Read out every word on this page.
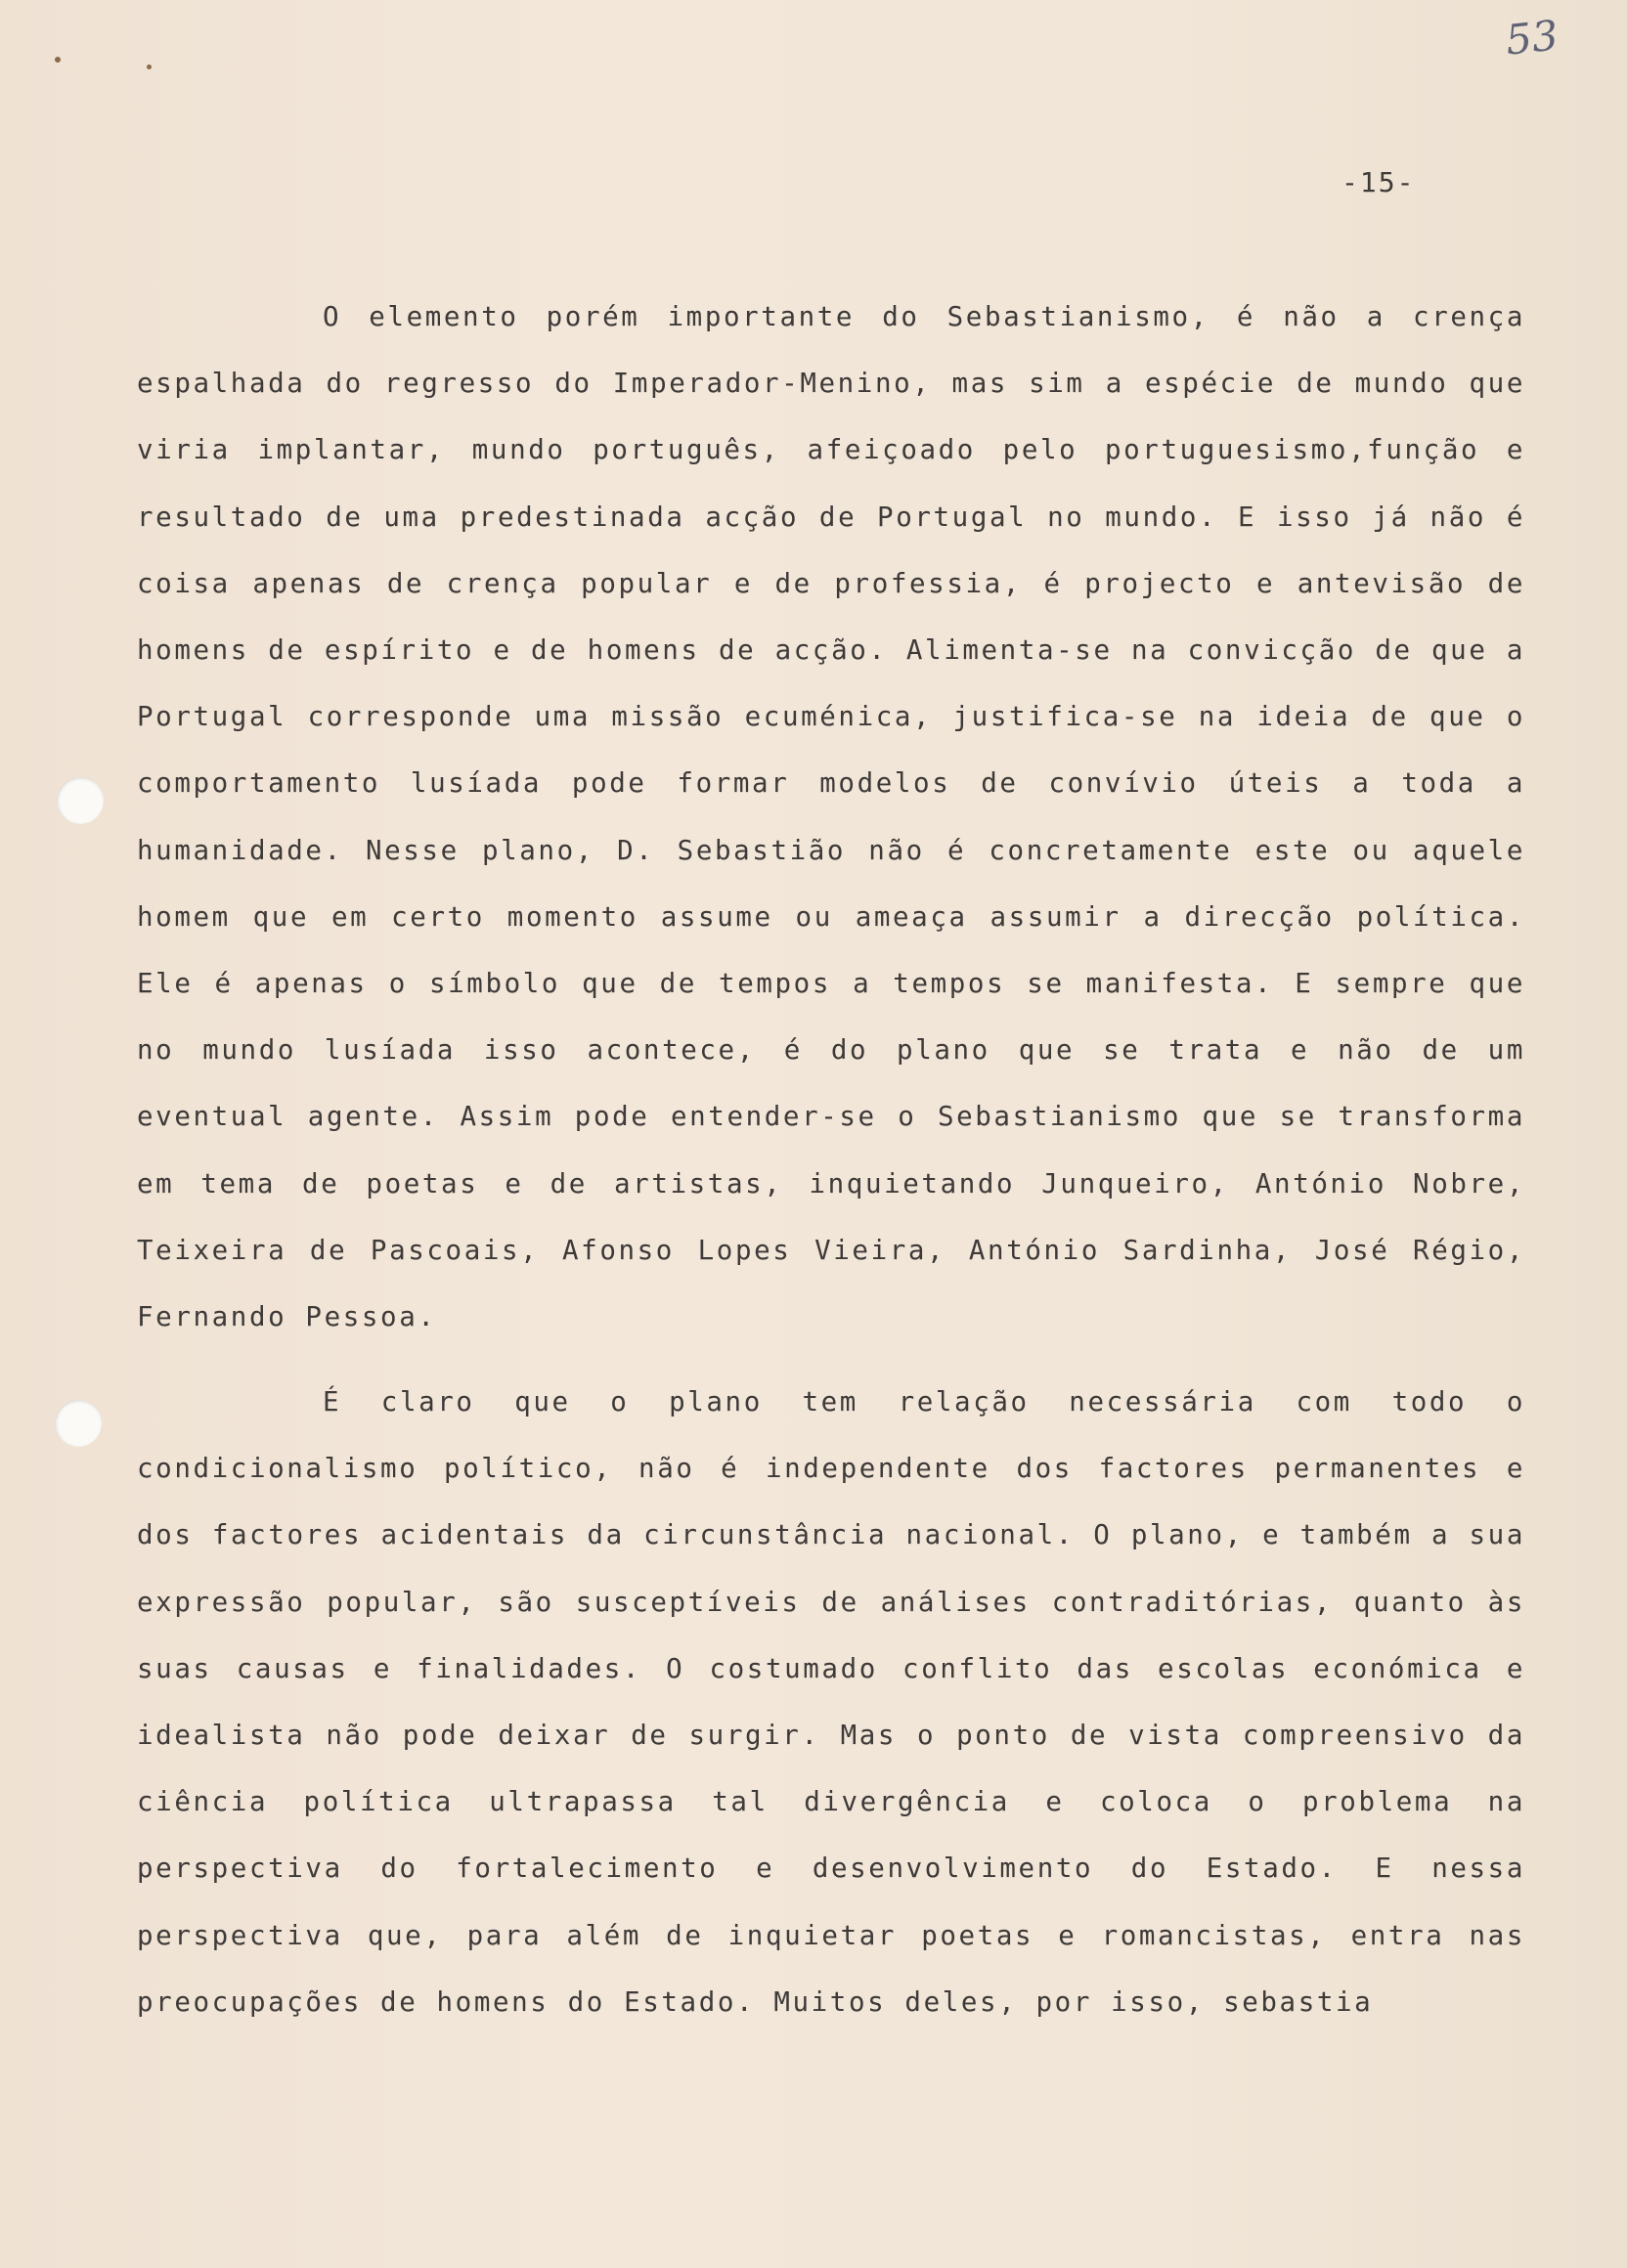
53
-15-

O elemento porém importante do Sebastianismo, é não a crença espalhada do regresso do Imperador-Menino, mas sim a espécie de mundo que viria implantar, mundo português, afeiçoado pelo portuguesismo,função e resultado de uma predestinada acção de Portugal no mundo. E isso já não é coisa apenas de crença popular e de professia, é projecto e antevisão de homens de espírito e de homens de acção. Alimenta-se na convicção de que a Portugal corresponde uma missão ecuménica, justifica-se na ideia de que o comportamento lusíada pode formar modelos de convívio úteis a toda a humanidade. Nesse plano, D. Sebastião não é concretamente este ou aquele homem que em certo momento assume ou ameaça assumir a direcção política. Ele é apenas o símbolo que de tempos a tempos se manifesta. E sempre que no mundo lusíada isso acontece, é do plano que se trata e não de um eventual agente. Assim pode entender-se o Sebastianismo que se transforma em tema de poetas e de artistas, inquietando Junqueiro, António Nobre, Teixeira de Pascoais, Afonso Lopes Vieira, António Sardinha, José Régio, Fernando Pessoa.

É claro que o plano tem relação necessária com todo o condicionalismo político, não é independente dos factores permanentes e dos factores acidentais da circunstância nacional. O plano, e também a sua expressão popular, são susceptíveis de análises contraditórias, quanto às suas causas e finalidades. O costumado conflito das escolas económica e idealista não pode deixar de surgir. Mas o ponto de vista compreensivo da ciência política ultrapassa tal divergência e coloca o problema na perspectiva do fortalecimento e desenvolvimento do Estado. E nessa perspectiva que, para além de inquietar poetas e romancistas, entra nas preocupações de homens do Estado. Muitos deles, por isso, sebastia
